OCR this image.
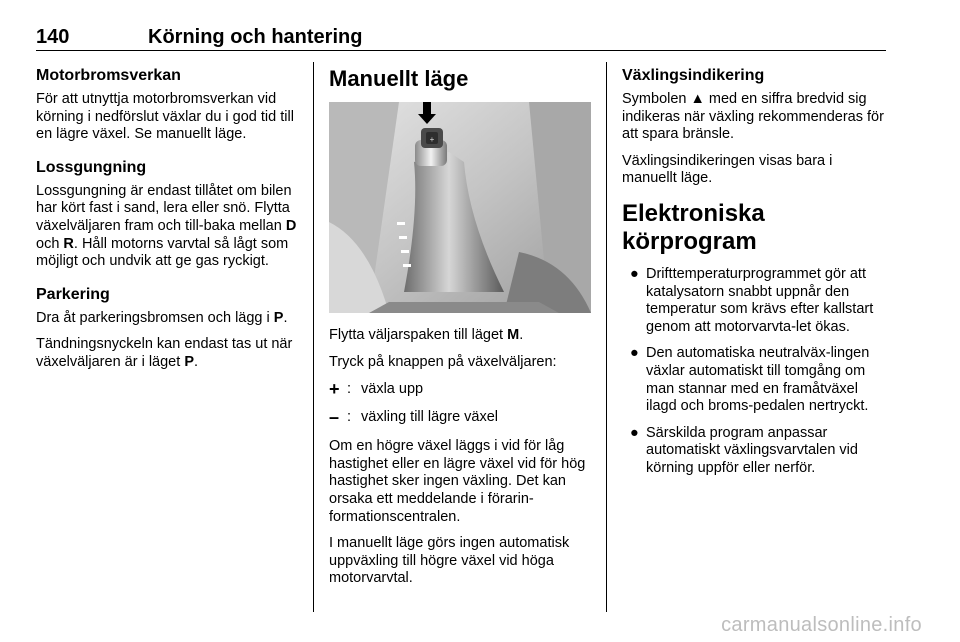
140	Körning och hantering
Motorbromsverkan

För att utnyttja motorbromsverkan vid körning i nedförslut växlar du i god tid till en lägre växel. Se manuellt läge.

Lossgungning

Lossgungning är endast tillåtet om bilen har kört fast i sand, lera eller snö. Flytta växelväljaren fram och till-baka mellan D och R. Håll motorns varvtal så lågt som möjligt och undvik att ge gas ryckigt.

Parkering

Dra åt parkeringsbromsen och lägg i P.

Tändningsnyckeln kan endast tas ut när växelväljaren är i läget P.

Manuellt läge
+

Flytta väljarspaken till läget M.

Tryck på knappen på växelväljaren:

+ : växla upp
– : växling till lägre växel

Om en högre växel läggs i vid för låg hastighet eller en lägre växel vid för hög hastighet sker ingen växling. Det kan orsaka ett meddelande i förarin-formationscentralen.

I manuellt läge görs ingen automatisk uppväxling till högre växel vid höga motorvarvtal.

Växlingsindikering

Symbolen ▲ med en siffra bredvid sig indikeras när växling rekommenderas för att spara bränsle.

Växlingsindikeringen visas bara i manuellt läge.

Elektroniska körprogram
● Drifttemperaturprogrammet gör att katalysatorn snabbt uppnår den temperatur som krävs efter kallstart genom att motorvarvta-let ökas.
● Den automatiska neutralväx-lingen växlar automatiskt till tomgång om man stannar med en framåtväxel ilagd och broms-pedalen nertryckt.
● Särskilda program anpassar automatiskt växlingsvarvtalen vid körning uppför eller nerför.
carmanualsonline.info
